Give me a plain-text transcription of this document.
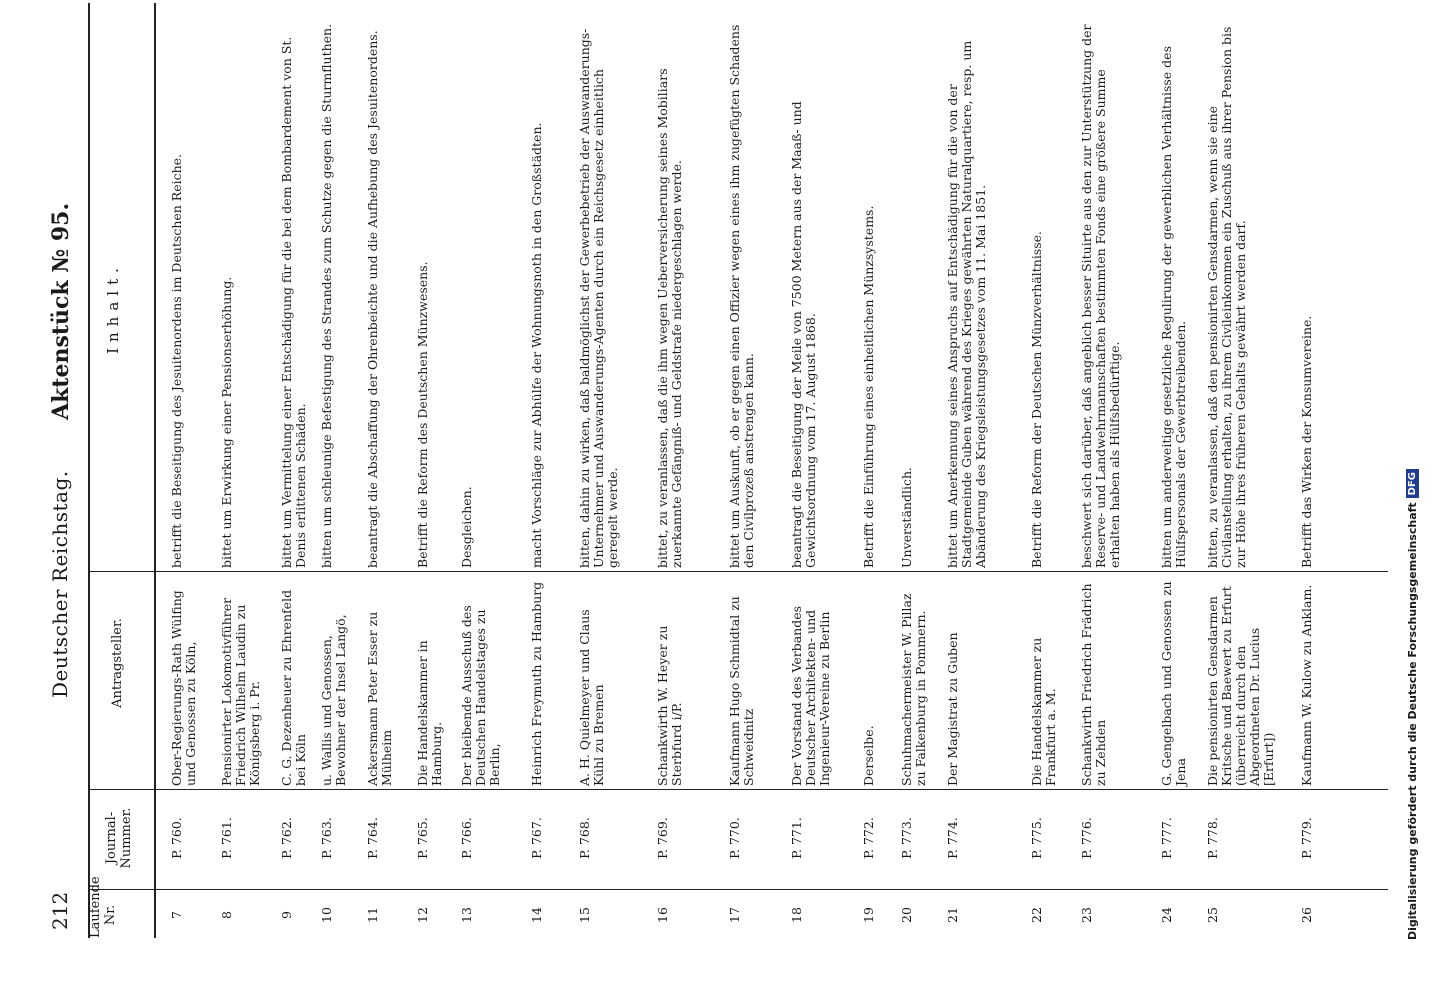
212
Deutscher Reichstag.
Aktenstück № 95.
Laufende Nr.
Journal-Nummer.
Antragsteller.
Inhalt.
7
P. 760.
Ober-Regierungs-Rath Wülfing und Genossen zu Köln,
betrifft die Beseitigung des Jesuitenordens im Deutschen Reiche.
8
P. 761.
Pensionirter Lokomotivführer Friedrich Wilhelm Laudin zu Königsberg i. Pr.
bittet um Erwirkung einer Pensionserhöhung.
9
P. 762.
C. G. Dezenheuer zu Ehrenfeld bei Köln
bittet um Vermittelung einer Entschädigung für die bei dem Bombardement von St. Denis erlittenen Schäden.
10
P. 763.
u. Wallis und Genossen, Bewohner der Insel Langö,
bitten um schleunige Befestigung des Strandes zum Schutze gegen die Sturmfluthen.
11
P. 764.
Ackersmann Peter Esser zu Mülheim
beantragt die Abschaffung der Ohrenbeichte und die Aufhebung des Jesuitenordens.
12
P. 765.
Die Handelskammer in Hamburg.
Betrifft die Reform des Deutschen Münzwesens.
13
P. 766.
Der bleibende Ausschuß des Deutschen Handelstages zu Berlin,
Desgleichen.
14
P. 767.
Heinrich Freymuth zu Hamburg
macht Vorschläge zur Abhülfe der Wohnungsnoth in den Großstädten.
15
P. 768.
A. H. Quielmeyer und Claus Kühl zu Bremen
bitten, dahin zu wirken, daß baldmöglichst der Gewerbebetrieb der Auswanderungs-Unternehmer und Auswanderungs-Agenten durch ein Reichsgesetz einheitlich geregelt werde.
16
P. 769.
Schankwirth W. Heyer zu Sterbfurd i/P.
bittet, zu veranlassen, daß die ihm wegen Ueberversicherung seines Mobiliars zuerkannte Gefängniß- und Geldstrafe niedergeschlagen werde.
17
P. 770.
Kaufmann Hugo Schmidtal zu Schweidnitz
bittet um Auskunft, ob er gegen einen Offizier wegen eines ihm zugefügten Schadens den Civilprozeß anstrengen kann.
18
P. 771.
Der Vorstand des Verbandes Deutscher Architekten- und Ingenieur-Vereine zu Berlin
beantragt die Beseitigung der Meile von 7500 Metern aus der Maaß- und Gewichtsordnung vom 17. August 1868.
19
P. 772.
Derselbe.
Betrifft die Einführung eines einheitlichen Münzsystems.
20
P. 773.
Schuhmachermeister W. Pillaz zu Falkenburg in Pommern.
Unverständlich.
21
P. 774.
Der Magistrat zu Guben
bittet um Anerkennung seines Anspruchs auf Entschädigung für die von der Stadtgemeinde Guben während des Krieges gewährten Naturalquartiere, resp. um Abänderung des Kriegsleistungsgesetzes vom 11. Mai 1851.
22
P. 775.
Die Handelskammer zu Frankfurt a. M.
Betrifft die Reform der Deutschen Münzverhältnisse.
23
P. 776.
Schankwirth Friedrich Frädrich zu Zehden
beschwert sich darüber, daß angeblich besser Situirte aus den zur Unterstützung der Reserve- und Landwehrmannschaften bestimmten Fonds eine größere Summe erhalten haben als Hülfsbedürftige.
24
P. 777.
G. Gengelbach und Genossen zu Jena
bitten um anderweitige gesetzliche Regulirung der gewerblichen Verhältnisse des Hülfspersonals der Gewerbtreibenden.
25
P. 778.
Die pensionirten Gensdarmen Kritsche und Baewert zu Erfurt (überreicht durch den Abgeordneten Dr. Lucius [Erfurt])
bitten, zu veranlassen, daß den pensionirten Gensdarmen, wenn sie eine Civilanstellung erhalten, zu ihrem Civileinkommen ein Zuschuß aus ihrer Pension bis zur Höhe ihres früheren Gehalts gewährt werden darf.
26
P. 779.
Kaufmann W. Kulow zu Anklam.
Betrifft das Wirken der Konsumvereine.
Digitalisierung gefördert durch die Deutsche Forschungsgemeinschaft
DFG
